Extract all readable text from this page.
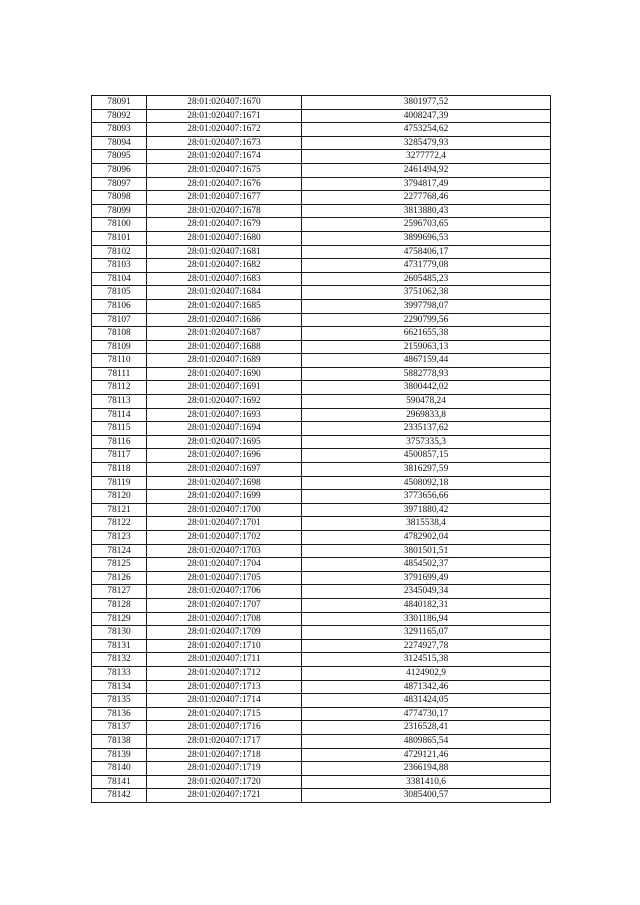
78091	28:01:020407:1670	3801977,52
78092	28:01:020407:1671	4008247,39
78093	28:01:020407:1672	4753254,62
78094	28:01:020407:1673	3285479,93
78095	28:01:020407:1674	3277772,4
78096	28:01:020407:1675	2461494,92
78097	28:01:020407:1676	3794817,49
78098	28:01:020407:1677	2277768,46
78099	28:01:020407:1678	3813880,43
78100	28:01:020407:1679	2596703,65
78101	28:01:020407:1680	3899696,53
78102	28:01:020407:1681	4758406,17
78103	28:01:020407:1682	4731779,08
78104	28:01:020407:1683	2605485,23
78105	28:01:020407:1684	3751062,38
78106	28:01:020407:1685	3997798,07
78107	28:01:020407:1686	2290799,56
78108	28:01:020407:1687	6621655,38
78109	28:01:020407:1688	2159063,13
78110	28:01:020407:1689	4867159,44
78111	28:01:020407:1690	5882778,93
78112	28:01:020407:1691	3800442,02
78113	28:01:020407:1692	590478,24
78114	28:01:020407:1693	2969833,8
78115	28:01:020407:1694	2335137,62
78116	28:01:020407:1695	3757335,3
78117	28:01:020407:1696	4500857,15
78118	28:01:020407:1697	3816297,59
78119	28:01:020407:1698	4508092,18
78120	28:01:020407:1699	3773656,66
78121	28:01:020407:1700	3971880,42
78122	28:01:020407:1701	3815538,4
78123	28:01:020407:1702	4782902,04
78124	28:01:020407:1703	3801501,51
78125	28:01:020407:1704	4854502,37
78126	28:01:020407:1705	3791699,49
78127	28:01:020407:1706	2345049,34
78128	28:01:020407:1707	4840182,31
78129	28:01:020407:1708	3301186,94
78130	28:01:020407:1709	3291165,07
78131	28:01:020407:1710	2274927,78
78132	28:01:020407:1711	3124515,38
78133	28:01:020407:1712	4124902,9
78134	28:01:020407:1713	4871342,46
78135	28:01:020407:1714	4831424,05
78136	28:01:020407:1715	4774730,17
78137	28:01:020407:1716	2316528,41
78138	28:01:020407:1717	4809865,54
78139	28:01:020407:1718	4729121,46
78140	28:01:020407:1719	2366194,88
78141	28:01:020407:1720	3381410,6
78142	28:01:020407:1721	3085400,57
